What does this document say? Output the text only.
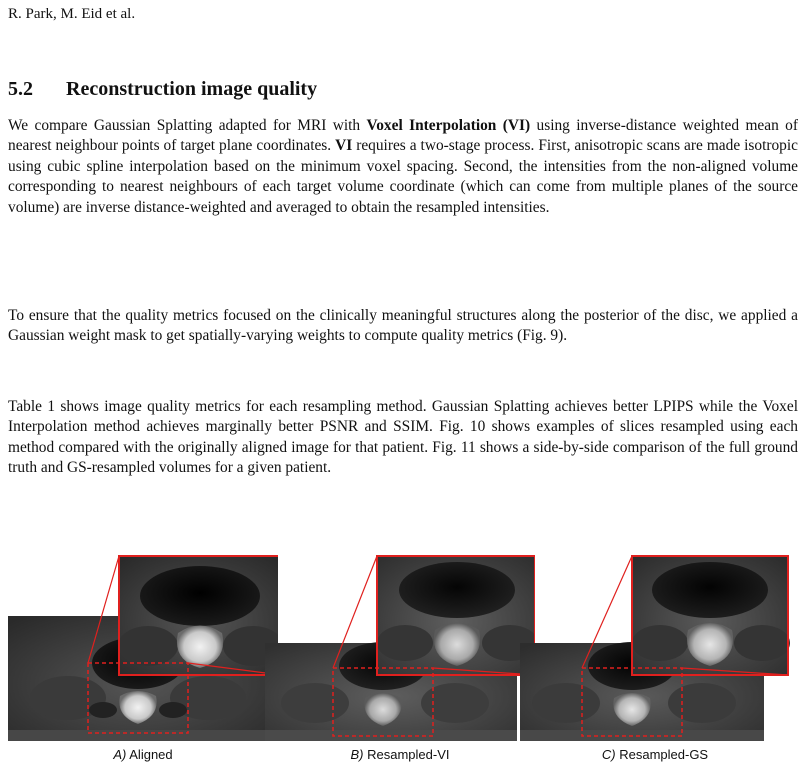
R. Park, M. Eid et al.
5.2 Reconstruction image quality

We compare Gaussian Splatting adapted for MRI with Voxel Interpolation (VI) using inverse-distance weighted mean of nearest neighbour points of target plane coordinates. VI requires a two-stage process. First, anisotropic scans are made isotropic using cubic spline interpolation based on the minimum voxel spacing. Second, the intensities from the non-aligned volume corresponding to nearest neighbours of each target volume coordinate (which can come from multiple planes of the source volume) are inverse distance-weighted and averaged to obtain the resampled intensities.

To ensure that the quality metrics focused on the clinically meaningful structures along the posterior of the disc, we applied a Gaussian weight mask to get spatially-varying weights to compute quality metrics (Fig. 9).

Table 1 shows image quality metrics for each resampling method. Gaussian Splatting achieves better LPIPS while the Voxel Interpolation method achieves marginally better PSNR and SSIM. Fig. 10 shows examples of slices resampled using each method compared with the originally aligned image for that patient. Fig. 11 shows a side-by-side comparison of the full ground truth and GS-resampled volumes for a given patient.

A) Aligned	B) Resampled-VI	C) Resampled-GS
